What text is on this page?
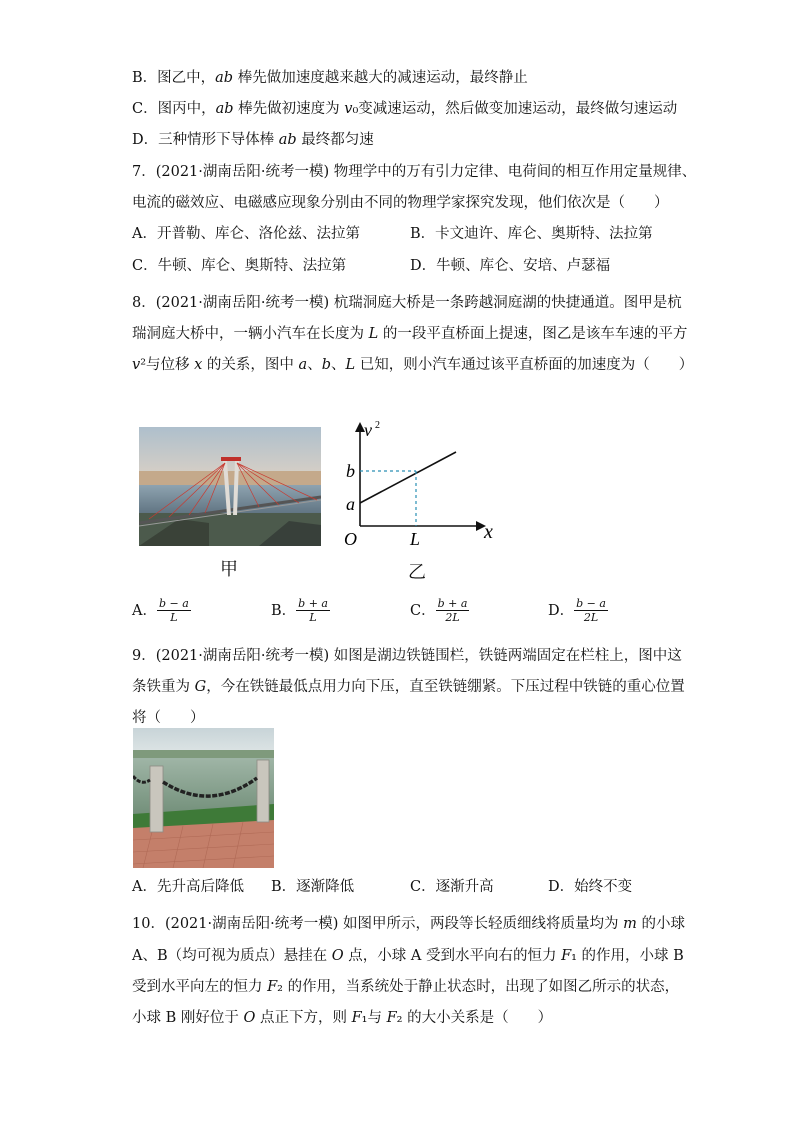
B．图乙中，ab 棒先做加速度越来越大的减速运动，最终静止
C．图丙中，ab 棒先做初速度为 v₀变减速运动，然后做变加速运动，最终做匀速运动
D．三种情形下导体棒 ab 最终都匀速
7．(2021·湖南岳阳·统考一模) 物理学中的万有引力定律、电荷间的相互作用定量规律、
电流的磁效应、电磁感应现象分别由不同的物理学家探究发现，他们依次是（　　）
8．(2021·湖南岳阳·统考一模) 杭瑞洞庭大桥是一条跨越洞庭湖的快捷通道。图甲是杭
瑞洞庭大桥中，一辆小汽车在长度为 L 的一段平直桥面上提速，图乙是该车车速的平方
v²与位移 x 的关系，图中 a、b、L 已知，则小汽车通过该平直桥面的加速度为（　　）
9．(2021·湖南岳阳·统考一模) 如图是湖边铁链围栏，铁链两端固定在栏柱上，图中这
条铁重为 G，今在铁链最低点用力向下压，直至铁链绷紧。下压过程中铁链的重心位置
将（　　）
10．(2021·湖南岳阳·统考一模) 如图甲所示，两段等长轻质细线将质量均为 m 的小球
A、B（均可视为质点）悬挂在 O 点，小球 A 受到水平向右的恒力 F₁ 的作用，小球 B
受到水平向左的恒力 F₂ 的作用，当系统处于静止状态时，出现了如图乙所示的状态，
小球 B 刚好位于 O 点正下方，则 F₁与 F₂ 的大小关系是（　　）
A．开普勒、库仑、洛伦兹、法拉第	B．卡文迪许、库仑、奥斯特、法拉第
C．牛顿、库仑、奥斯特、法拉第	D．牛顿、库仑、安培、卢瑟福
甲
v 2
x
O
b
a
L
乙
A． $\frac{b - a}{L}$	B． $\frac{b + a}{L}$	C． $\frac{b + a}{2L}$	D． $\frac{b - a}{2L}$
A．先升高后降低 B．逐渐降低	C．逐渐升高	D．始终不变
